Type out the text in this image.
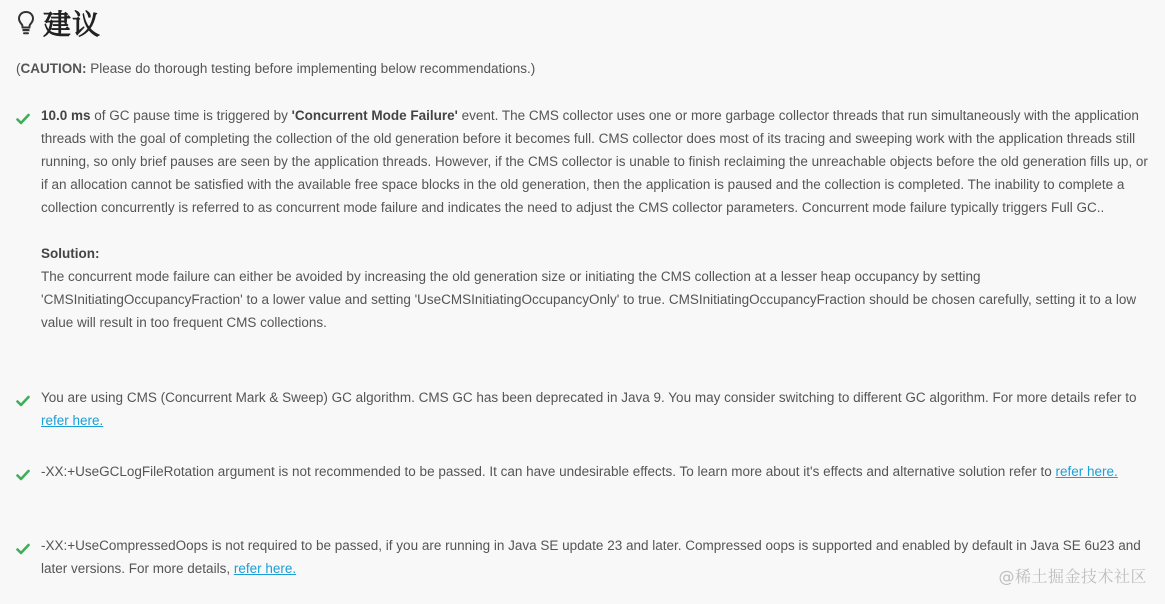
建议
(CAUTION: Please do thorough testing before implementing below recommendations.)
10.0 ms of GC pause time is triggered by 'Concurrent Mode Failure' event. The CMS collector uses one or more garbage collector threads that run simultaneously with the application threads with the goal of completing the collection of the old generation before it becomes full. CMS collector does most of its tracing and sweeping work with the application threads still running, so only brief pauses are seen by the application threads. However, if the CMS collector is unable to finish reclaiming the unreachable objects before the old generation fills up, or if an allocation cannot be satisfied with the available free space blocks in the old generation, then the application is paused and the collection is completed. The inability to complete a collection concurrently is referred to as concurrent mode failure and indicates the need to adjust the CMS collector parameters. Concurrent mode failure typically triggers Full GC..
Solution:
The concurrent mode failure can either be avoided by increasing the old generation size or initiating the CMS collection at a lesser heap occupancy by setting 'CMSInitiatingOccupancyFraction' to a lower value and setting 'UseCMSInitiatingOccupancyOnly' to true. CMSInitiatingOccupancyFraction should be chosen carefully, setting it to a low value will result in too frequent CMS collections.
You are using CMS (Concurrent Mark & Sweep) GC algorithm. CMS GC has been deprecated in Java 9. You may consider switching to different GC algorithm. For more details refer to refer here.
-XX:+UseGCLogFileRotation argument is not recommended to be passed. It can have undesirable effects. To learn more about it's effects and alternative solution refer to refer here.
-XX:+UseCompressedOops is not required to be passed, if you are running in Java SE update 23 and later. Compressed oops is supported and enabled by default in Java SE 6u23 and later versions. For more details, refer here.	@稀土掘金技术社区
